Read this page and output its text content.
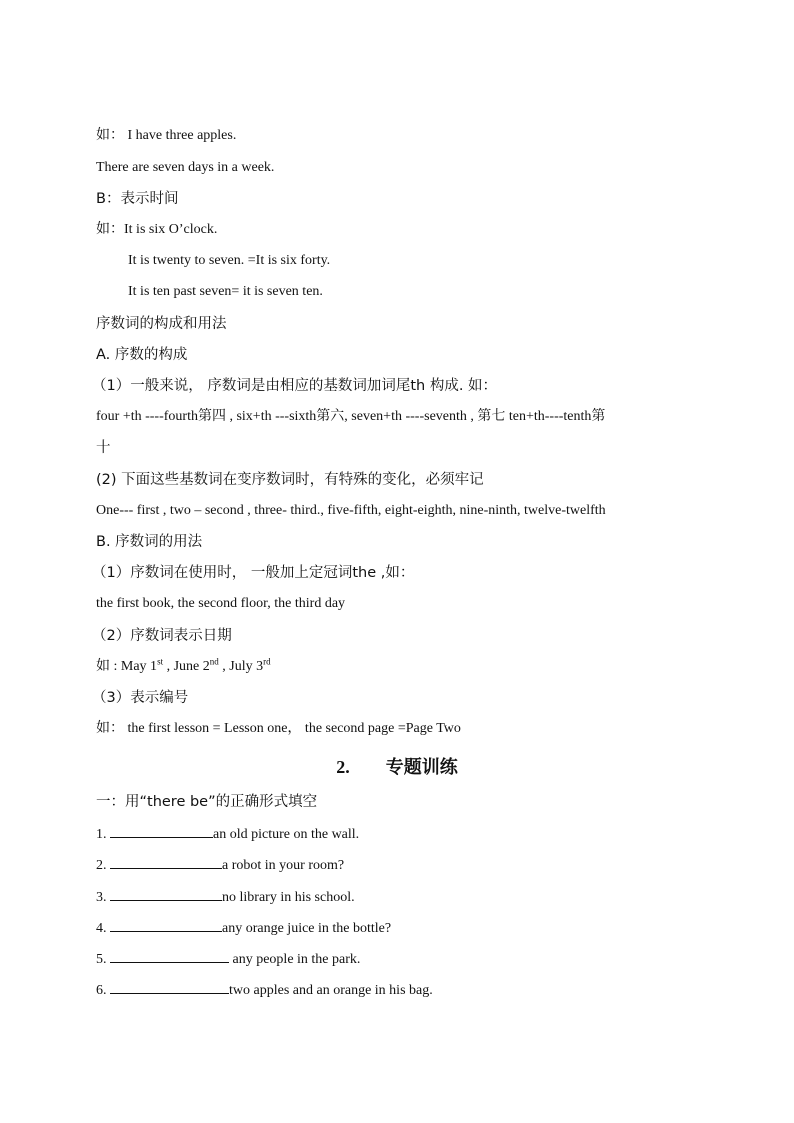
如： I have three apples.
There are seven days in a week.
B：表示时间
如：It is six O’clock.
It is twenty to seven. =It is six forty.
It is ten past seven= it is seven ten.
序数词的构成和用法
A. 序数的构成
（1）一般来说， 序数词是由相应的基数词加词尾th 构成. 如：
four +th ----fourth第四 , six+th ---sixth第六, seven+th ----seventh , 第七 ten+th----tenth第
十
(2) 下面这些基数词在变序数词时，有特殊的变化，必须牢记
One--- first , two – second , three- third., five-fifth, eight-eighth, nine-ninth, twelve-twelfth
B. 序数词的用法
（1）序数词在使用时， 一般加上定冠词the ,如：
the first book, the second floor, the third day
（2）序数词表示日期
如 : May 1st , June 2nd , July 3rd
（3）表示编号
如： the first lesson = Lesson one， the second page =Page Two
2. 专题训练
一：用“there be”的正确形式填空
1.	an old picture on the wall.
2.	a robot in your room?
3.	no library in his school.
4.	any orange juice in the bottle?
5.	any people in the park.
6.	two apples and an orange in his bag.
